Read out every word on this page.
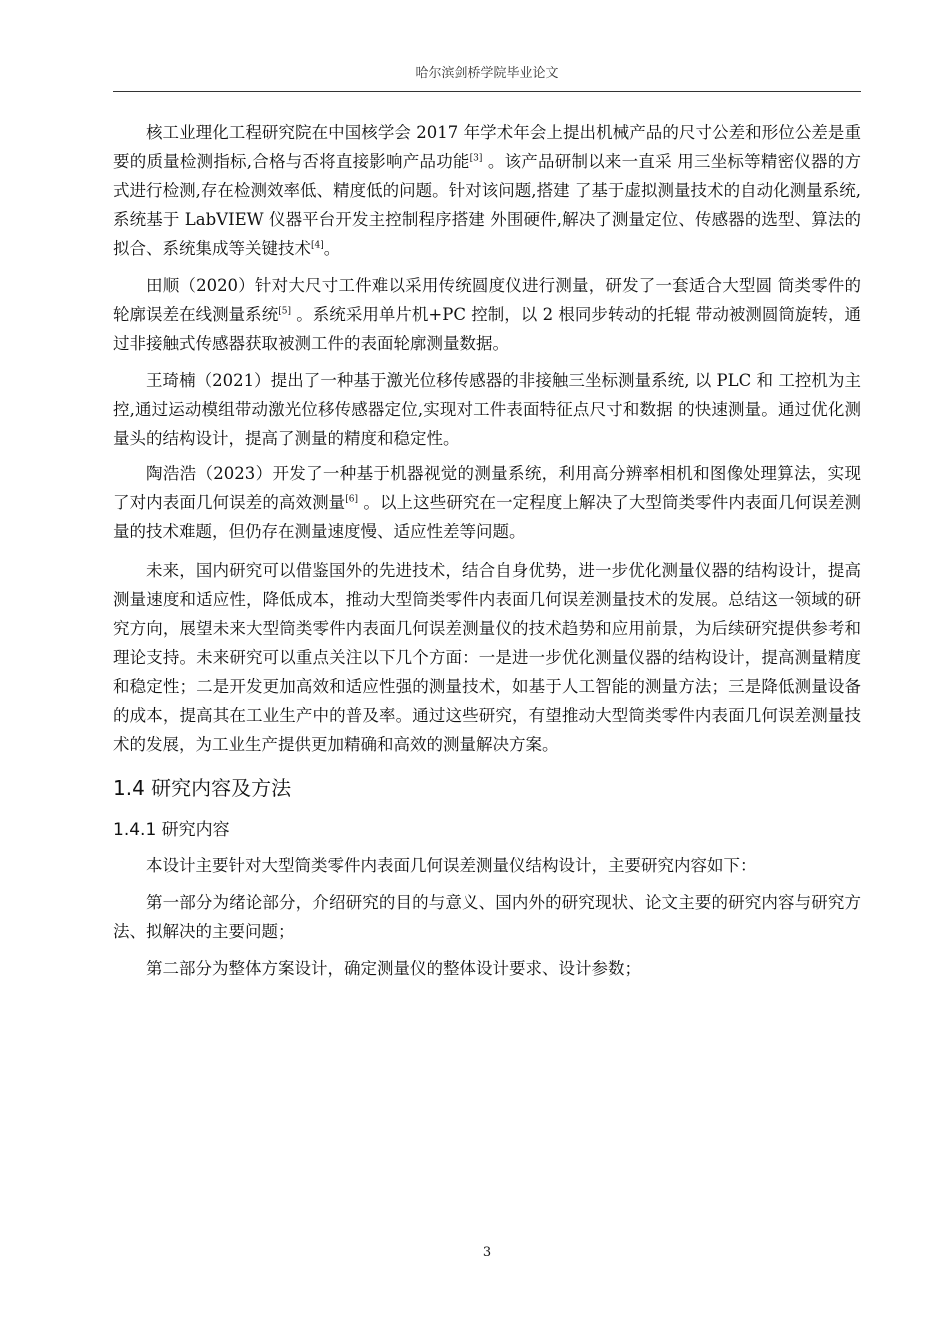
哈尔滨剑桥学院毕业论文

核工业理化工程研究院在中国核学会 2017 年学术年会上提出机械产品的尺寸公差和形位公差是重要的质量检测指标,合格与否将直接影响产品功能[3] 。该产品研制以来一直采 用三坐标等精密仪器的方式进行检测,存在检测效率低、精度低的问题。针对该问题,搭建 了基于虚拟测量技术的自动化测量系统,系统基于 LabVIEW 仪器平台开发主控制程序搭建 外围硬件,解决了测量定位、传感器的选型、算法的拟合、系统集成等关键技术[4]。

田顺（2020）针对大尺寸工件难以采用传统圆度仪进行测量，研发了一套适合大型圆 筒类零件的轮廓误差在线测量系统[5] 。系统采用单片机+PC 控制，以 2 根同步转动的托辊 带动被测圆筒旋转，通过非接触式传感器获取被测工件的表面轮廓测量数据。

王琦楠（2021）提出了一种基于激光位移传感器的非接触三坐标测量系统, 以 PLC 和 工控机为主控,通过运动模组带动激光位移传感器定位,实现对工件表面特征点尺寸和数据 的快速测量。通过优化测量头的结构设计，提高了测量的精度和稳定性。

陶浩浩（2023）开发了一种基于机器视觉的测量系统，利用高分辨率相机和图像处理算法，实现了对内表面几何误差的高效测量[6] 。以上这些研究在一定程度上解决了大型筒类零件内表面几何误差测量的技术难题，但仍存在测量速度慢、适应性差等问题。

未来，国内研究可以借鉴国外的先进技术，结合自身优势，进一步优化测量仪器的结构设计，提高测量速度和适应性，降低成本，推动大型筒类零件内表面几何误差测量技术的发展。总结这一领域的研究方向，展望未来大型筒类零件内表面几何误差测量仪的技术趋势和应用前景，为后续研究提供参考和理论支持。未来研究可以重点关注以下几个方面：一是进一步优化测量仪器的结构设计，提高测量精度和稳定性；二是开发更加高效和适应性强的测量技术，如基于人工智能的测量方法；三是降低测量设备的成本，提高其在工业生产中的普及率。通过这些研究，有望推动大型筒类零件内表面几何误差测量技术的发展，为工业生产提供更加精确和高效的测量解决方案。

1.4 研究内容及方法
1.4.1 研究内容

本设计主要针对大型筒类零件内表面几何误差测量仪结构设计，主要研究内容如下：

第一部分为绪论部分，介绍研究的目的与意义、国内外的研究现状、论文主要的研究内容与研究方法、拟解决的主要问题；

第二部分为整体方案设计，确定测量仪的整体设计要求、设计参数；

3
